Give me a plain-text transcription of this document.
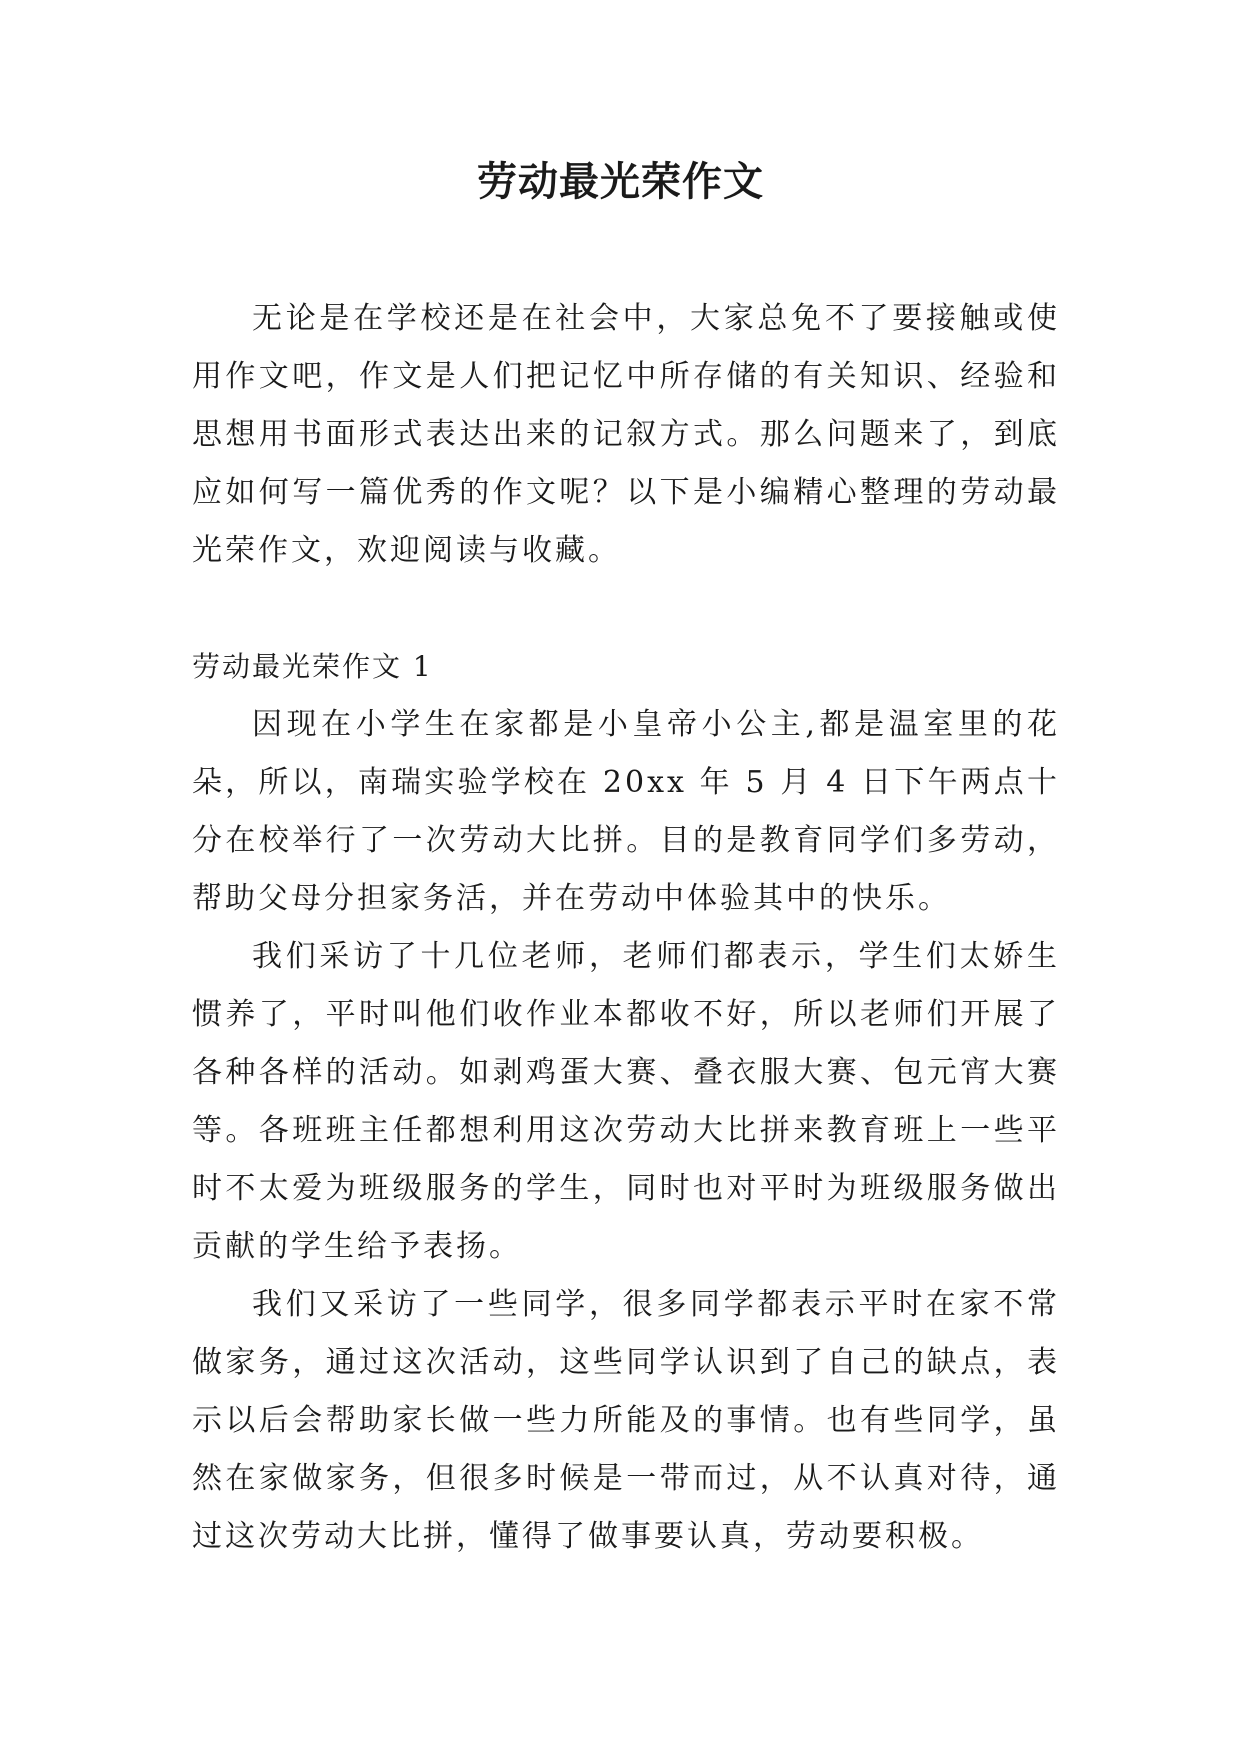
劳动最光荣作文

无论是在学校还是在社会中，大家总免不了要接触或使用作文吧，作文是人们把记忆中所存储的有关知识、经验和思想用书面形式表达出来的记叙方式。那么问题来了，到底应如何写一篇优秀的作文呢？以下是小编精心整理的劳动最光荣作文，欢迎阅读与收藏。

劳动最光荣作文 1

因现在小学生在家都是小皇帝小公主,都是温室里的花朵，所以，南瑞实验学校在 20xx 年 5 月 4 日下午两点十分在校举行了一次劳动大比拼。目的是教育同学们多劳动，帮助父母分担家务活，并在劳动中体验其中的快乐。

我们采访了十几位老师，老师们都表示，学生们太娇生惯养了，平时叫他们收作业本都收不好，所以老师们开展了各种各样的活动。如剥鸡蛋大赛、叠衣服大赛、包元宵大赛等。各班班主任都想利用这次劳动大比拼来教育班上一些平时不太爱为班级服务的学生，同时也对平时为班级服务做出贡献的学生给予表扬。

我们又采访了一些同学，很多同学都表示平时在家不常做家务，通过这次活动，这些同学认识到了自己的缺点，表示以后会帮助家长做一些力所能及的事情。也有些同学，虽然在家做家务，但很多时候是一带而过，从不认真对待，通过这次劳动大比拼，懂得了做事要认真，劳动要积极。
